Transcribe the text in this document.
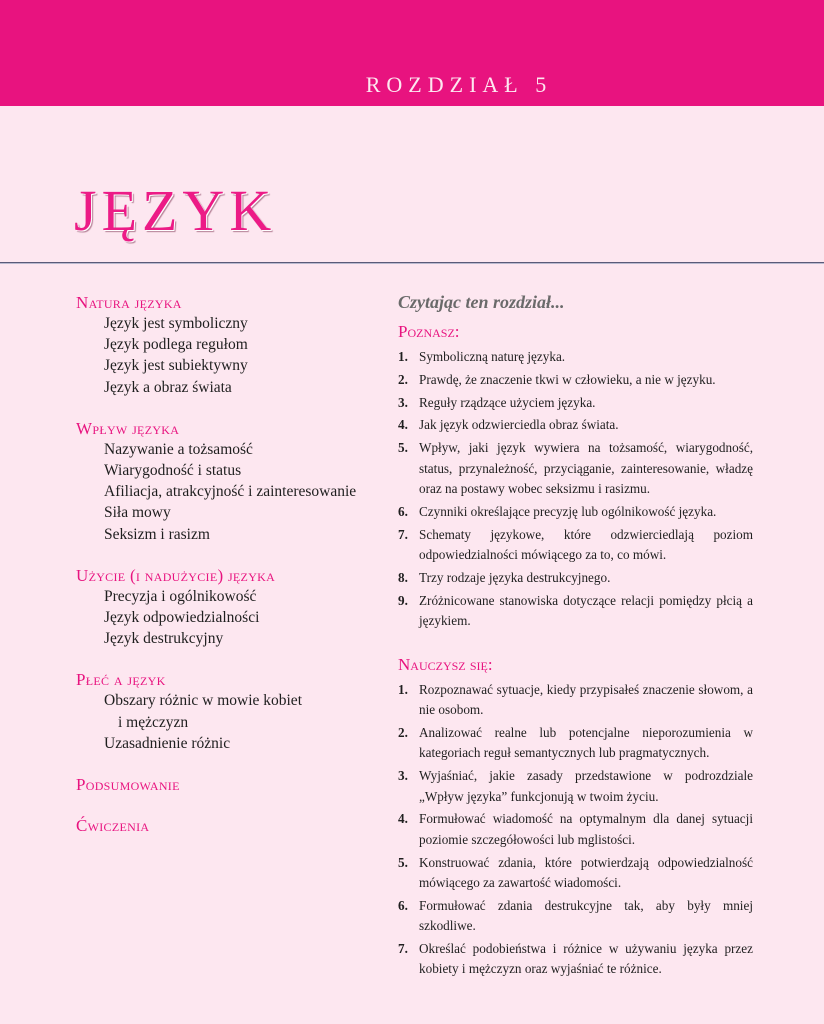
ROZDZIAŁ 5
JĘZYK
Natura języka
Język jest symboliczny
Język podlega regułom
Język jest subiektywny
Język a obraz świata
Wpływ języka
Nazywanie a tożsamość
Wiarygodność i status
Afiliacja, atrakcyjność i zainteresowanie
Siła mowy
Seksizm i rasizm
Użycie (i nadużycie) języka
Precyzja i ogólnikowość
Język odpowiedzialności
Język destrukcyjny
Płeć a język
Obszary różnic w mowie kobiet
i mężczyzn
Uzasadnienie różnic
Podsumowanie
Ćwiczenia
Czytając ten rozdział...
Poznasz:
1. Symboliczną naturę języka.
2. Prawdę, że znaczenie tkwi w człowieku, a nie w języku.
3. Reguły rządzące użyciem języka.
4. Jak język odzwierciedla obraz świata.
5. Wpływ, jaki język wywiera na tożsamość, wiarygodność, status, przynależność, przyciąganie, zainteresowanie, władzę oraz na postawy wobec seksizmu i rasizmu.
6. Czynniki określające precyzję lub ogólnikowość języka.
7. Schematy językowe, które odzwierciedlają poziom odpowiedzialności mówiącego za to, co mówi.
8. Trzy rodzaje języka destrukcyjnego.
9. Zróżnicowane stanowiska dotyczące relacji pomiędzy płcią a językiem.
Nauczysz się:
1. Rozpoznawać sytuacje, kiedy przypisałeś znaczenie słowom, a nie osobom.
2. Analizować realne lub potencjalne nieporozumienia w kategoriach reguł semantycznych lub pragmatycznych.
3. Wyjaśniać, jakie zasady przedstawione w podrozdziale „Wpływ języka” funkcjonują w twoim życiu.
4. Formułować wiadomość na optymalnym dla danej sytuacji poziomie szczegółowości lub mglistości.
5. Konstruować zdania, które potwierdzają odpowiedzialność mówiącego za zawartość wiadomości.
6. Formułować zdania destrukcyjne tak, aby były mniej szkodliwe.
7. Określać podobieństwa i różnice w używaniu języka przez kobiety i mężczyzn oraz wyjaśniać te różnice.
